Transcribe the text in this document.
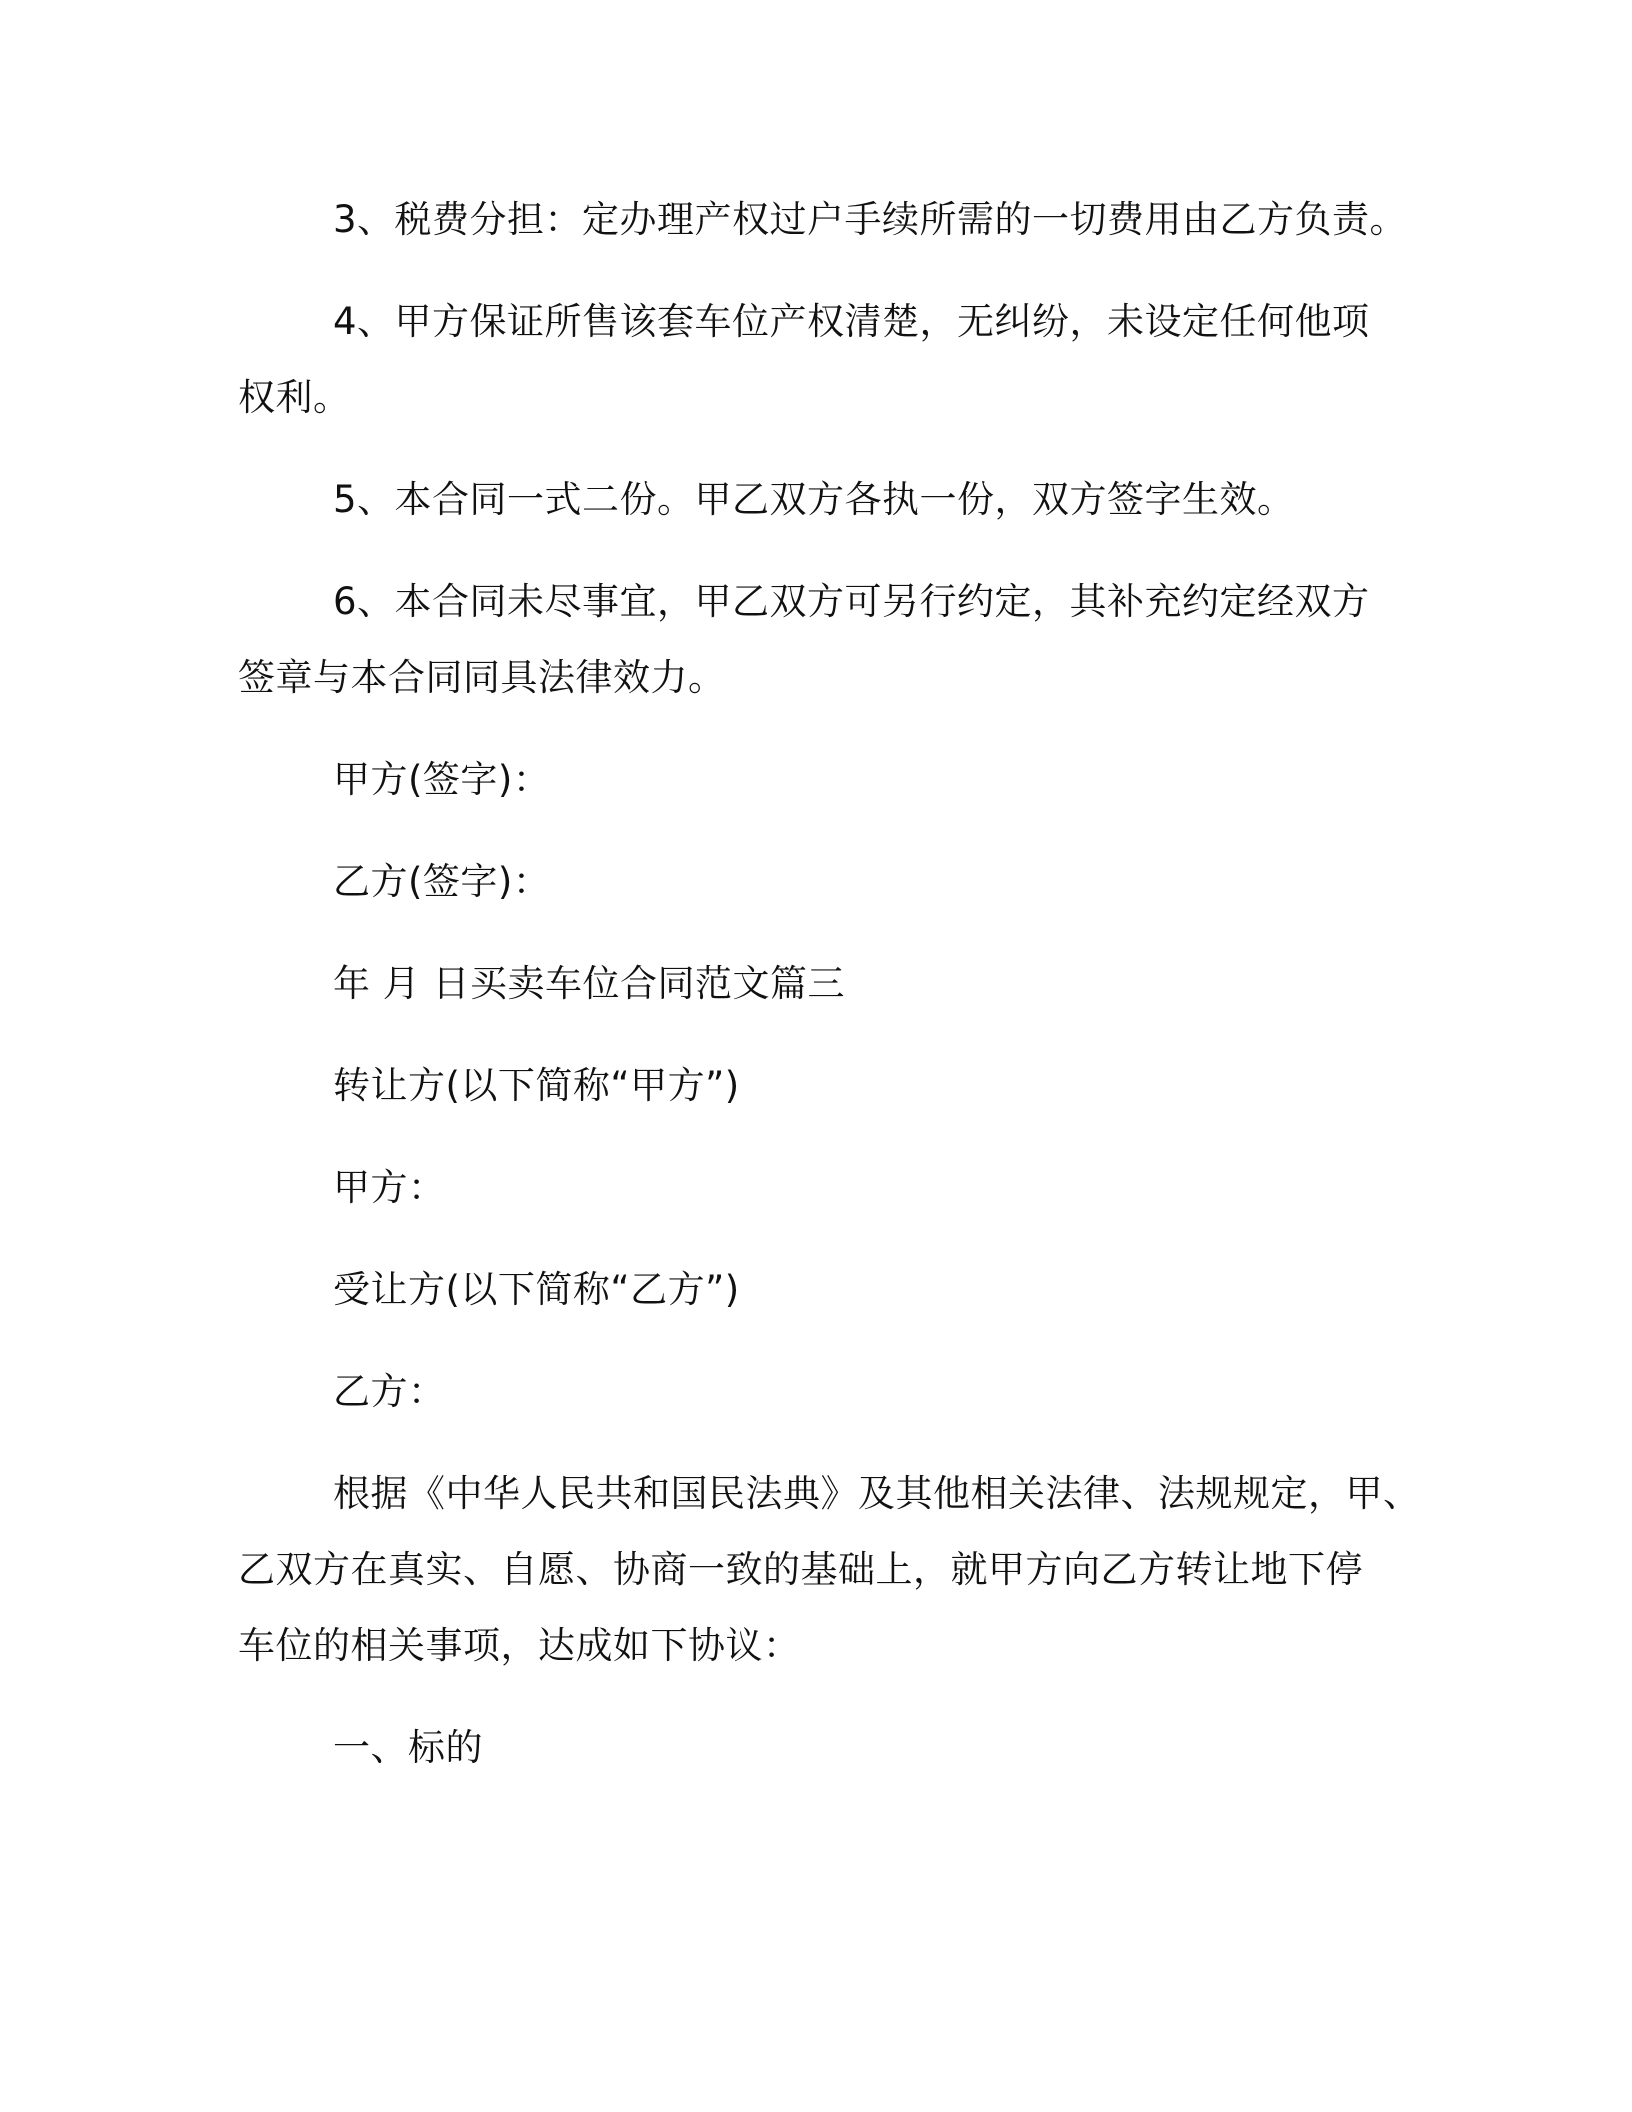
3、税费分担：定办理产权过户手续所需的一切费用由乙方负责。
4、甲方保证所售该套车位产权清楚，无纠纷，未设定任何他项
权利。
5、本合同一式二份。甲乙双方各执一份，双方签字生效。
6、本合同未尽事宜，甲乙双方可另行约定，其补充约定经双方
签章与本合同同具法律效力。
甲方(签字)：
乙方(签字)：
年 月 日买卖车位合同范文篇三
转让方(以下简称“甲方”)
甲方：
受让方(以下简称“乙方”)
乙方：
根据《中华人民共和国民法典》及其他相关法律、法规规定，甲、
乙双方在真实、自愿、协商一致的基础上，就甲方向乙方转让地下停
车位的相关事项，达成如下协议：
一、标的
